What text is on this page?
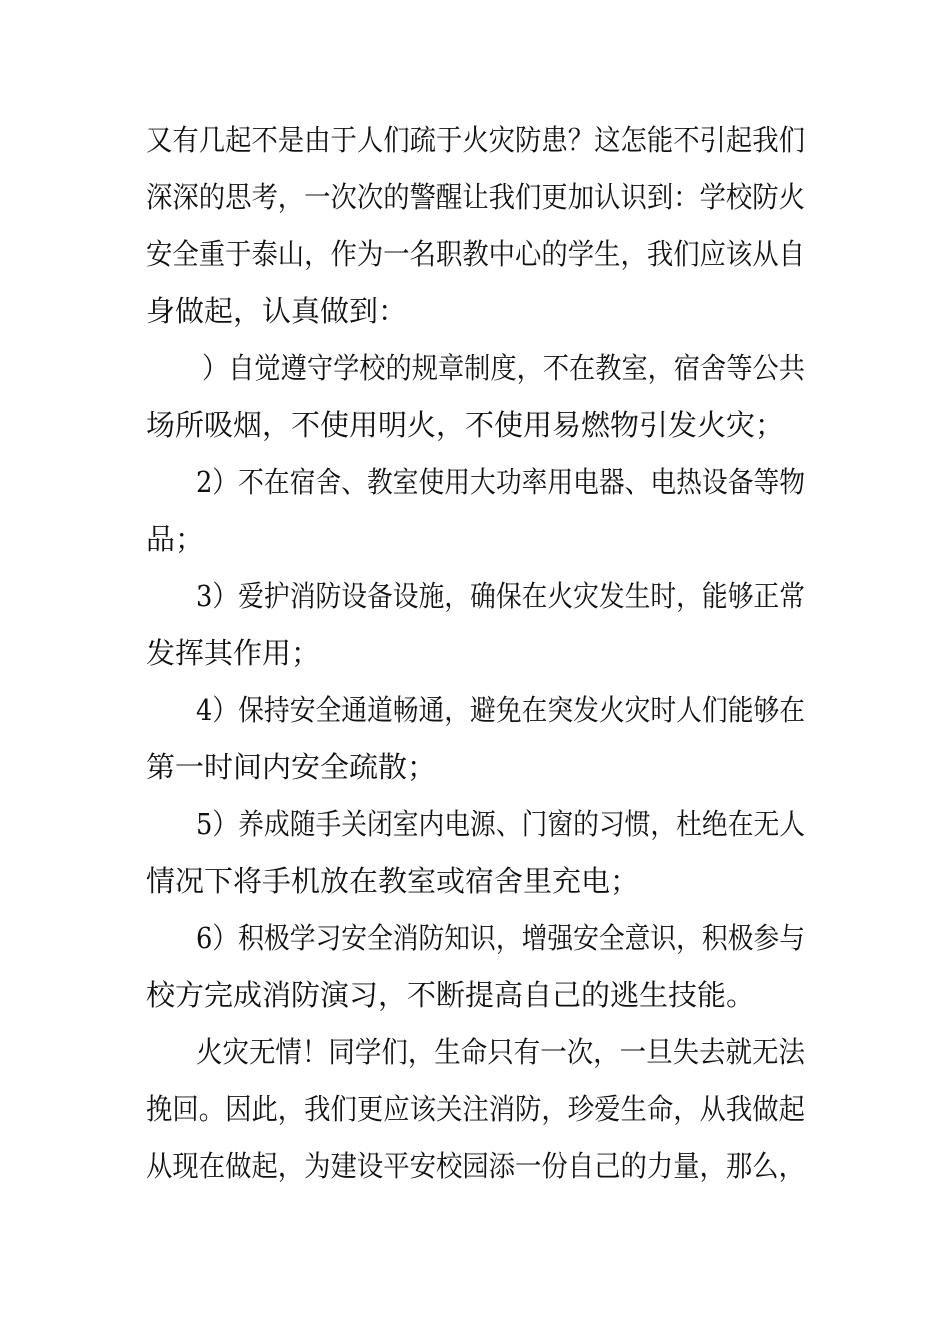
又有几起不是由于人们疏于火灾防患？这怎能不引起我们
深深的思考，一次次的警醒让我们更加认识到：学校防火
安全重于泰山，作为一名职教中心的学生，我们应该从自
身做起，认真做到：
）自觉遵守学校的规章制度，不在教室，宿舍等公共
场所吸烟，不使用明火，不使用易燃物引发火灾；
2）不在宿舍、教室使用大功率用电器、电热设备等物
品；
3）爱护消防设备设施，确保在火灾发生时，能够正常
发挥其作用；
4）保持安全通道畅通，避免在突发火灾时人们能够在
第一时间内安全疏散；
5）养成随手关闭室内电源、门窗的习惯，杜绝在无人
情况下将手机放在教室或宿舍里充电；
6）积极学习安全消防知识，增强安全意识，积极参与
校方完成消防演习，不断提高自己的逃生技能。
火灾无情！同学们，生命只有一次，一旦失去就无法
挽回。因此，我们更应该关注消防，珍爱生命，从我做起
从现在做起，为建设平安校园添一份自己的力量，那么，
